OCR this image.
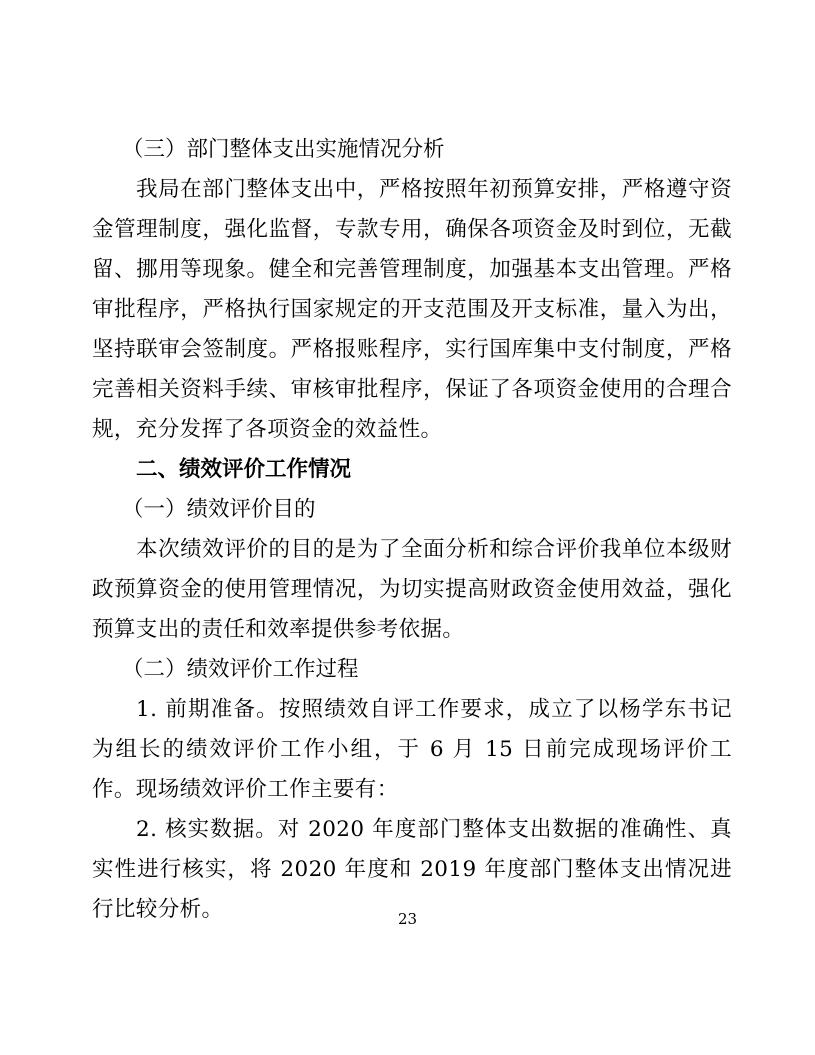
（三）部门整体支出实施情况分析

我局在部门整体支出中，严格按照年初预算安排，严格遵守资金管理制度，强化监督，专款专用，确保各项资金及时到位，无截留、挪用等现象。健全和完善管理制度，加强基本支出管理。严格审批程序，严格执行国家规定的开支范围及开支标准，量入为出，坚持联审会签制度。严格报账程序，实行国库集中支付制度，严格完善相关资料手续、审核审批程序，保证了各项资金使用的合理合规，充分发挥了各项资金的效益性。

二、绩效评价工作情况

（一）绩效评价目的

本次绩效评价的目的是为了全面分析和综合评价我单位本级财政预算资金的使用管理情况，为切实提高财政资金使用效益，强化预算支出的责任和效率提供参考依据。

（二）绩效评价工作过程

1. 前期准备。按照绩效自评工作要求，成立了以杨学东书记为组长的绩效评价工作小组，于 6 月 15 日前完成现场评价工作。现场绩效评价工作主要有：

2. 核实数据。对 2020 年度部门整体支出数据的准确性、真实性进行核实，将 2020 年度和 2019 年度部门整体支出情况进行比较分析。	23
